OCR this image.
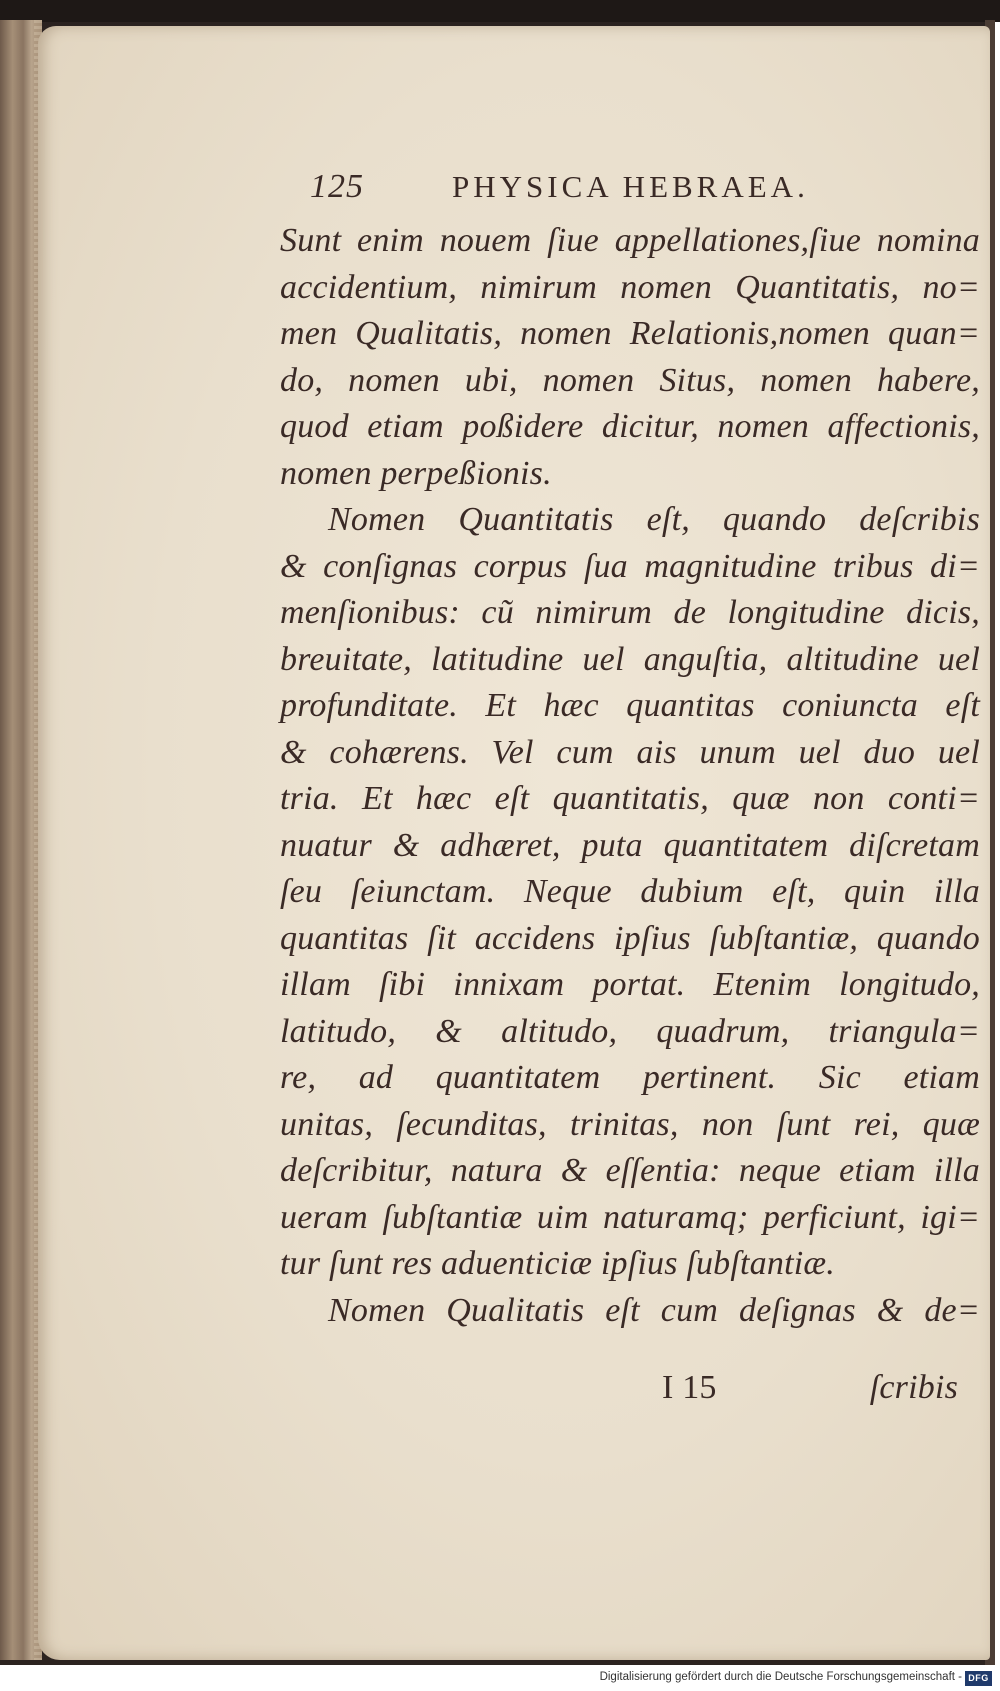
125	PHYSICA HEBRAEA.
Sunt enim nouem ſiue appellationes,ſiue nomina
accidentium, nimirum nomen Quantitatis, no=
men Qualitatis, nomen Relationis,nomen quan=
do, nomen ubi, nomen Situs, nomen habere,
quod etiam poßidere dicitur, nomen affectionis,
nomen perpeßionis.
Nomen Quantitatis eſt, quando deſcribis
& conſignas corpus ſua magnitudine tribus di=
menſionibus: cũ nimirum de longitudine dicis,
breuitate, latitudine uel anguſtia, altitudine uel
profunditate. Et hæc quantitas coniuncta eſt
& cohærens. Vel cum ais unum uel duo uel
tria. Et hæc eſt quantitatis, quæ non conti=
nuatur & adhæret, puta quantitatem diſcretam
ſeu ſeiunctam. Neque dubium eſt, quin illa
quantitas ſit accidens ipſius ſubſtantiæ, quando
illam ſibi innixam portat. Etenim longitudo,
latitudo, & altitudo, quadrum, triangula=
re, ad quantitatem pertinent. Sic etiam
unitas, ſecunditas, trinitas, non ſunt rei, quæ
deſcribitur, natura & eſſentia: neque etiam illa
ueram ſubſtantiæ uim naturamq; perficiunt, igi=
tur ſunt res aduenticiæ ipſius ſubſtantiæ.
Nomen Qualitatis eſt cum deſignas & de=
I 15	ſcribis
Digitalisierung gefördert durch die Deutsche Forschungsgemeinschaft - DFG
